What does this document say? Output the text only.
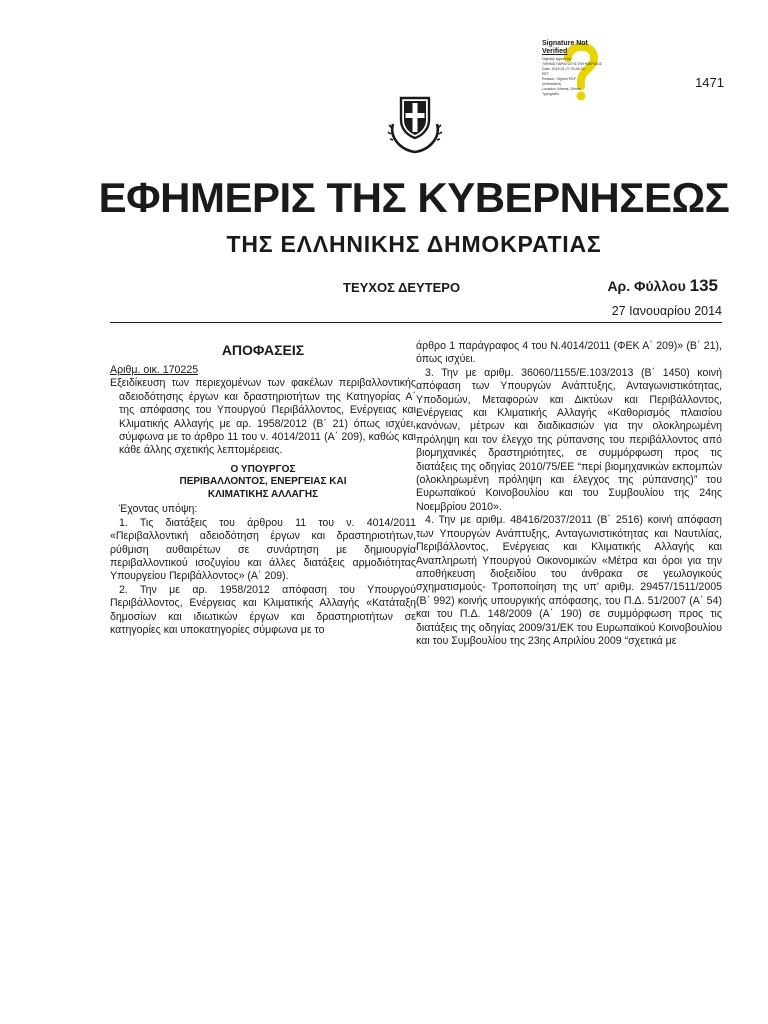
Signature Not
Verified
Digitally signed by
ΤΜΗΜΑ ΠΑΡΑΓΩΓΗΣ ΕΦΗΜΕΡΙΔΟΣ
Date: 2014.01.27 20:46:33
EET
Reason: Signed PDF
(embedded)
Location: Athens, Ethnik
Typografio
1471
ΕΦΗΜΕΡΙΣ ΤΗΣ ΚΥΒΕΡΝΗΣΕΩΣ
ΤΗΣ ΕΛΛΗΝΙΚΗΣ ΔΗΜΟΚΡΑΤΙΑΣ
ΤΕΥΧΟΣ ΔΕΥΤΕΡΟ	Αρ. Φύλλου 135
27 Ιανουαρίου 2014
ΑΠΟΦΑΣΕΙΣ

Αριθμ. οικ. 170225

Εξειδίκευση των περιεχομένων των φακέλων περιβαλλοντικής αδειοδότησης έργων και δραστηριοτήτων της Κατηγορίας Α΄ της απόφασης του Υπουργού Περιβάλλοντος, Ενέργειας και Κλιματικής Αλλαγής με αρ. 1958/2012 (Β΄ 21) όπως ισχύει, σύμφωνα με το άρθρο 11 του ν. 4014/2011 (Α΄ 209), καθώς και κάθε άλλης σχετικής λεπτομέρειας.

Ο ΥΠΟΥΡΓΟΣ
ΠΕΡΙΒΑΛΛΟΝΤΟΣ, ΕΝΕΡΓΕΙΑΣ ΚΑΙ
ΚΛΙΜΑΤΙΚΗΣ ΑΛΛΑΓΗΣ

Έχοντας υπόψη:

1. Τις διατάξεις του άρθρου 11 του ν. 4014/2011 «Περιβαλλοντική αδειοδότηση έργων και δραστηριοτήτων, ρύθμιση αυθαιρέτων σε συνάρτηση με δημιουργία περιβαλλοντικού ισοζυγίου και άλλες διατάξεις αρμοδιότητας Υπουργείου Περιβάλλοντος» (Α΄ 209).

2. Την με αρ. 1958/2012 απόφαση του Υπουργού Περιβάλλοντος, Ενέργειας και Κλιματικής Αλλαγής «Κατάταξη δημοσίων και ιδιωτικών έργων και δραστηριοτήτων σε κατηγορίες και υποκατηγορίες σύμφωνα με το

άρθρο 1 παράγραφος 4 του Ν.4014/2011 (ΦΕΚ Α΄ 209)» (Β΄ 21), όπως ισχύει.

3. Την με αριθμ. 36060/1155/Ε.103/2013 (Β΄ 1450) κοινή απόφαση των Υπουργών Ανάπτυξης, Ανταγωνιστικότητας, Υποδομών, Μεταφορών και Δικτύων και Περιβάλλοντος, Ενέργειας και Κλιματικής Αλλαγής «Καθορισμός πλαισίου κανόνων, μέτρων και διαδικασιών για την ολοκληρωμένη πρόληψη και τον έλεγχο της ρύπανσης του περιβάλλοντος από βιομηχανικές δραστηριότητες, σε συμμόρφωση προς τις διατάξεις της οδηγίας 2010/75/ΕΕ “περί βιομηχανικών εκπομπών (ολοκληρωμένη πρόληψη και έλεγχος της ρύπανσης)” του Ευρωπαϊκού Κοινοβουλίου και του Συμβουλίου της 24ης Νοεμβρίου 2010».

4. Την με αριθμ. 48416/2037/2011 (Β΄ 2516) κοινή απόφαση των Υπουργών Ανάπτυξης, Ανταγωνιστικότητας και Ναυτιλίας, Περιβάλλοντος, Ενέργειας και Κλιματικής Αλλαγής και Αναπληρωτή Υπουργού Οικονομικών «Μέτρα και όροι για την αποθήκευση διοξειδίου του άνθρακα σε γεωλογικούς σχηματισμούς- Τροποποίηση της υπ’ αριθμ. 29457/1511/2005 (Β΄ 992) κοινής υπουργικής απόφασης, του Π.Δ. 51/2007 (Α΄ 54) και του Π.Δ. 148/2009 (Α΄ 190) σε συμμόρφωση προς τις διατάξεις της οδηγίας 2009/31/ΕΚ του Ευρωπαϊκού Κοινοβουλίου και του Συμβουλίου της 23ης Απριλίου 2009 “σχετικά με
